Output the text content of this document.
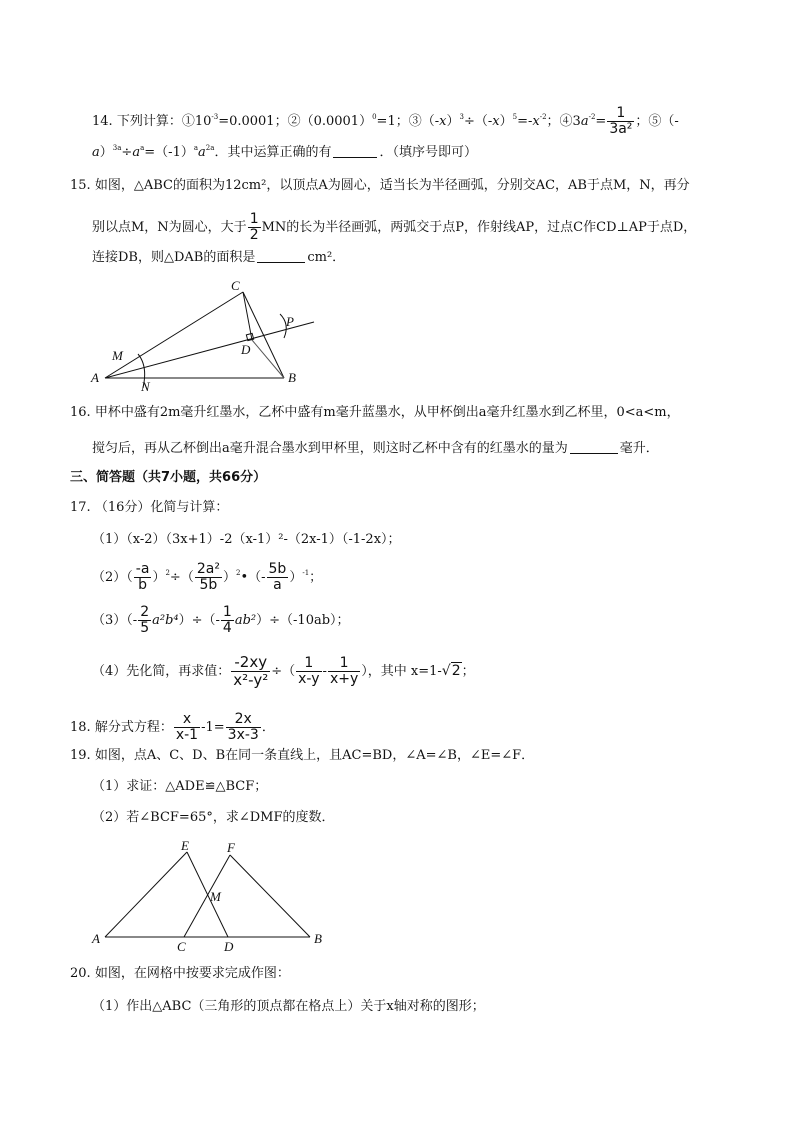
14. 下列计算：$①10^{-3}=0.0001$；$②(0.0001)^0=1$；$③(-x)^3\div(-x)^5=-x^{-2}$；$④3a^{-2}= \frac{1}{\text{3a²}}$ ；⑤（-
$a)^{3a}\div a^a=(-1)^aa^{2a}$．其中运算正确的有	．（填序号即可）
15. 如图，△ABC的面积为12cm²，以顶点A为圆心，适当长为半径画弧，分别交AC，AB于点M，N，再分
别以点M，N为圆心，大于 $\frac{1}{2}$ MN的长为半径画弧，两弧交于点P，作射线AP，过点C作CD⊥AP于点D，
连接DB，则△DAB的面积是	cm²．
A	B
C
D
M
N
P
16. 甲杯中盛有2m毫升红墨水，乙杯中盛有m毫升蓝墨水，从甲杯倒出a毫升红墨水到乙杯里，0<a<m，
搅匀后，再从乙杯倒出a毫升混合墨水到甲杯里，则这时乙杯中含有的红墨水的量为	毫升．
三、简答题（共7小题，共66分）
17. （16分）化简与计算：
（1）（x-2）（3x+1）-2（x-1）²-（2x-1）（-1-2x）；
$(2)( \frac{-a}{b} )^2\div( \frac{\text{2a²}}{5b}$ ）$^2•(- \frac{5b}{a} )^{-1}$；
$(3)(- \frac{2}{5} a^2b^4)\div(- \frac{1}{4} ab^2)\div(-10ab)$；
（4）先化简，再求值： $\frac{-2xy}{\text{x²-y²}}$ ÷（ $\frac{1}{x-y} - \frac{1}{x+y}$ ），其中 x=1-√2；
18. 解分式方程： $\frac{x}{x-1} -1= \frac{2x}{3x-3}$ ．
19. 如图，点A、C、D、B在同一条直线上，且AC=BD，∠A=∠B，∠E=∠F．
（1）求证：△ADE≌△BCF；
（2）若∠BCF=65°，求∠DMF的度数．
A	B
C	D
E	F
M
20. 如图，在网格中按要求完成作图：
（1）作出△ABC（三角形的顶点都在格点上）关于x轴对称的图形；
